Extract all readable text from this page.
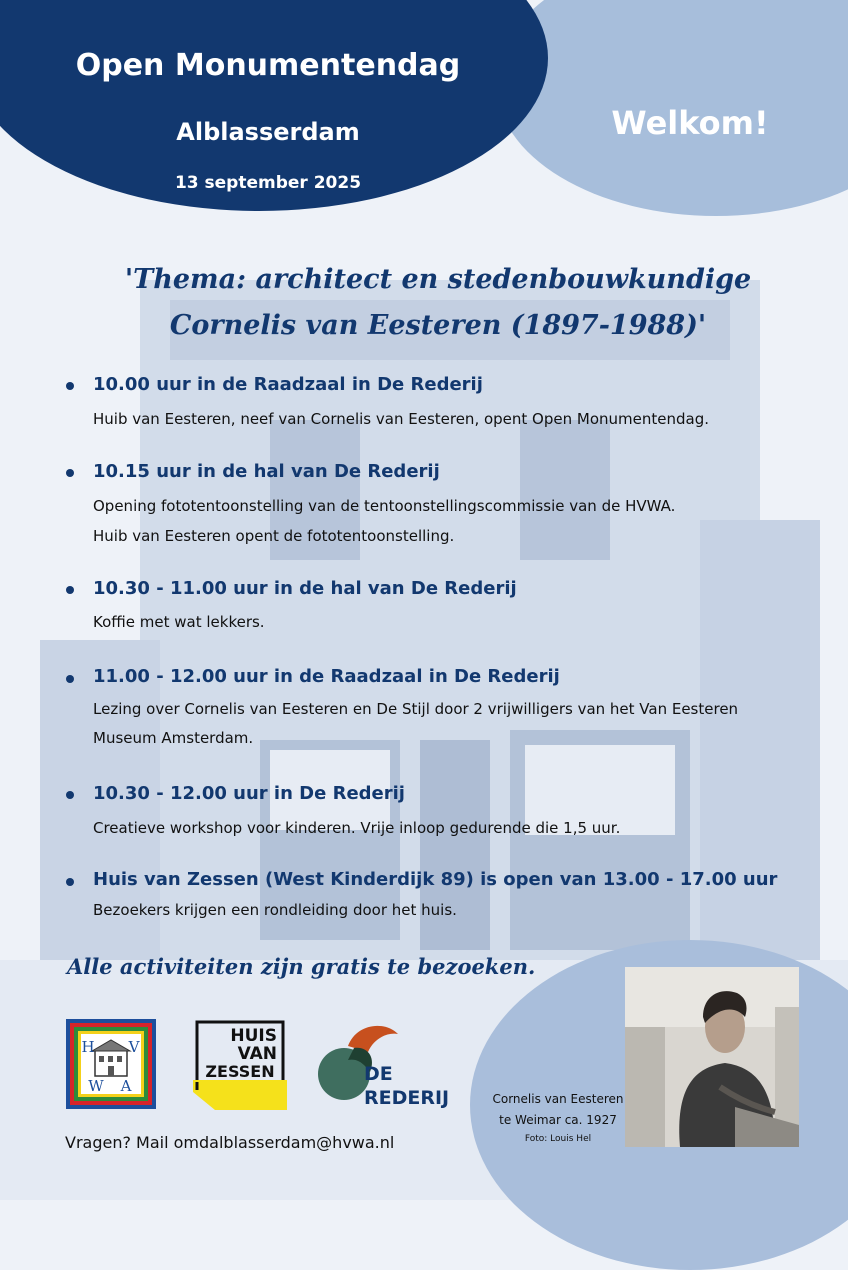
Open Monumentendag
Alblasserdam
13 september 2025
Welkom!
'Thema: architect en stedenbouwkundige
Cornelis van Eesteren (1897-1988)'
10.00 uur in de Raadzaal in De Rederij
Huib van Eesteren, neef van Cornelis van Eesteren, opent Open Monumentendag.
10.15 uur in de hal van De Rederij
Opening fototentoonstelling van de tentoonstellingscommissie van de HVWA.
Huib van Eesteren opent de fototentoonstelling.
10.30 - 11.00 uur in de hal van De Rederij
Koffie met wat lekkers.
11.00 - 12.00 uur in de Raadzaal in De Rederij
Lezing over Cornelis van Eesteren en De Stijl door 2 vrijwilligers van het Van Eesteren
Museum Amsterdam.
10.30 - 12.00 uur in De Rederij
Creatieve workshop voor kinderen. Vrije inloop gedurende die 1,5 uur.
Huis van Zessen (West Kinderdijk 89) is open van 13.00 - 17.00 uur
Bezoekers krijgen een rondleiding door het huis.
Alle activiteiten zijn gratis te bezoeken.
H V
W A
HUIS
VAN
ZESSEN	DE
REDERIJ
Vragen? Mail omdalblasserdam@hvwa.nl
Cornelis van Eesteren
te Weimar ca. 1927
Foto: Louis Hel
